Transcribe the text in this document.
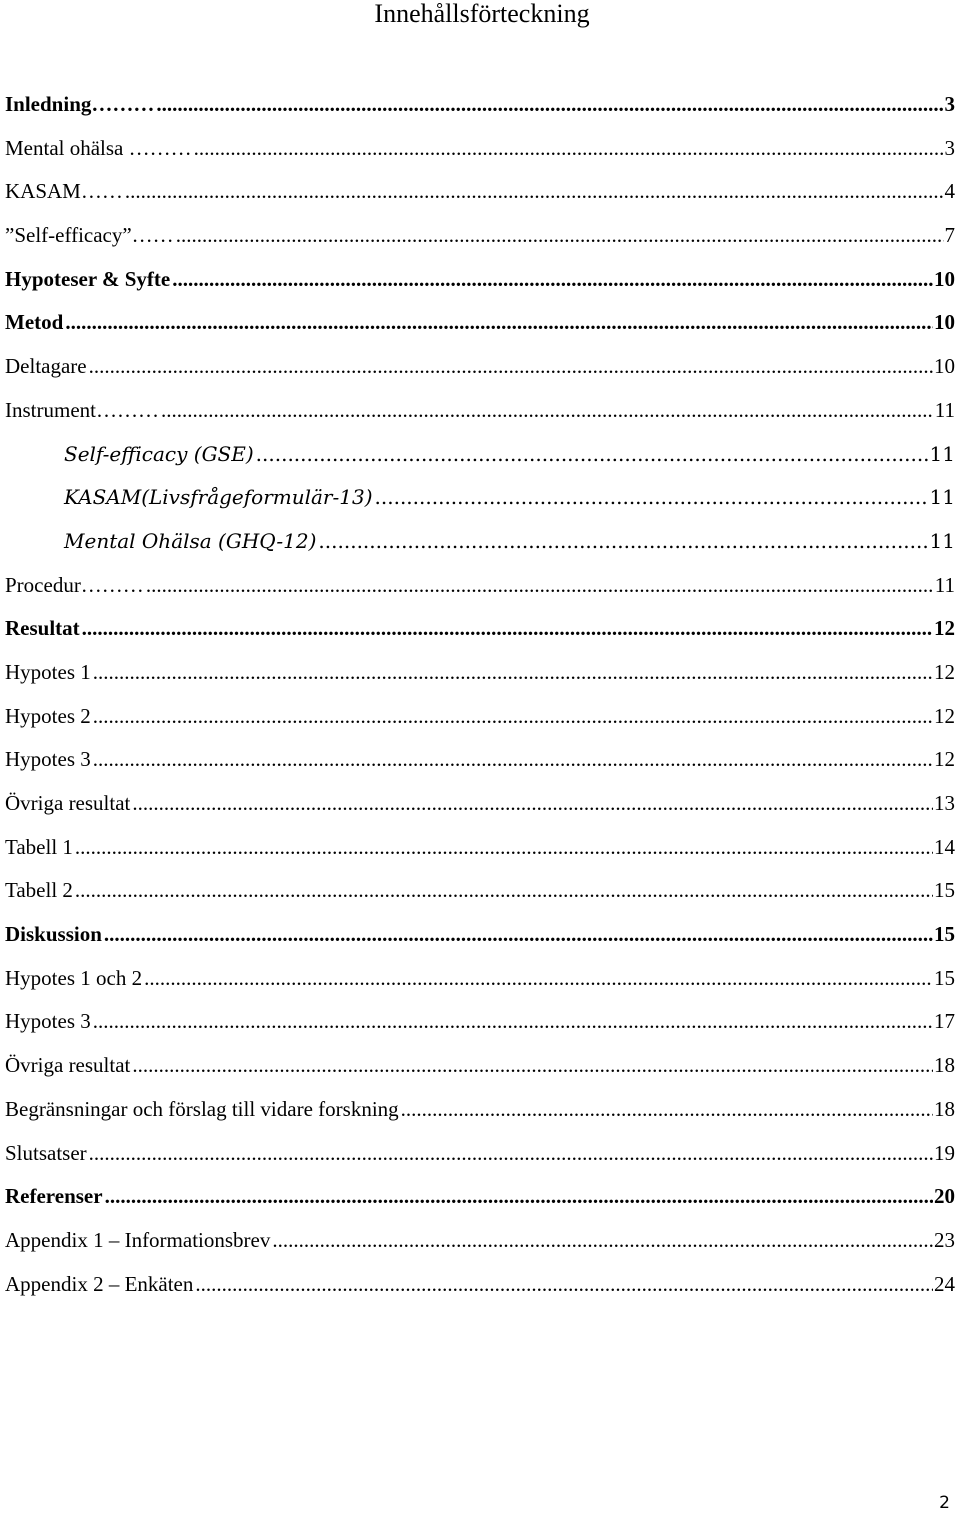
Innehållsförteckning
Inledning……… .....	3
Mental ohälsa ……… .....	3
KASAM…… .....	4
”Self-efficacy”…… .....	7
Hypoteser & Syfte .....	10
Metod .....	10
Deltagare .....	10
Instrument……… .....	11
Self-efficacy (GSE) .....	11
KASAM(Livsfrågeformulär-13) .....	11
Mental Ohälsa (GHQ-12) .....	11
Procedur……… .....	11
Resultat .....	12
Hypotes 1 .....	12
Hypotes 2 .....	12
Hypotes 3 .....	12
Övriga resultat .....	13
Tabell 1 .....	14
Tabell 2 .....	15
Diskussion .....	15
Hypotes 1 och 2 .....	15
Hypotes 3 .....	17
Övriga resultat .....	18
Begränsningar och förslag till vidare forskning .....	18
Slutsatser .....	19
Referenser .....	20
Appendix 1 – Informationsbrev .....	23
Appendix 2 – Enkäten .....	24
2
